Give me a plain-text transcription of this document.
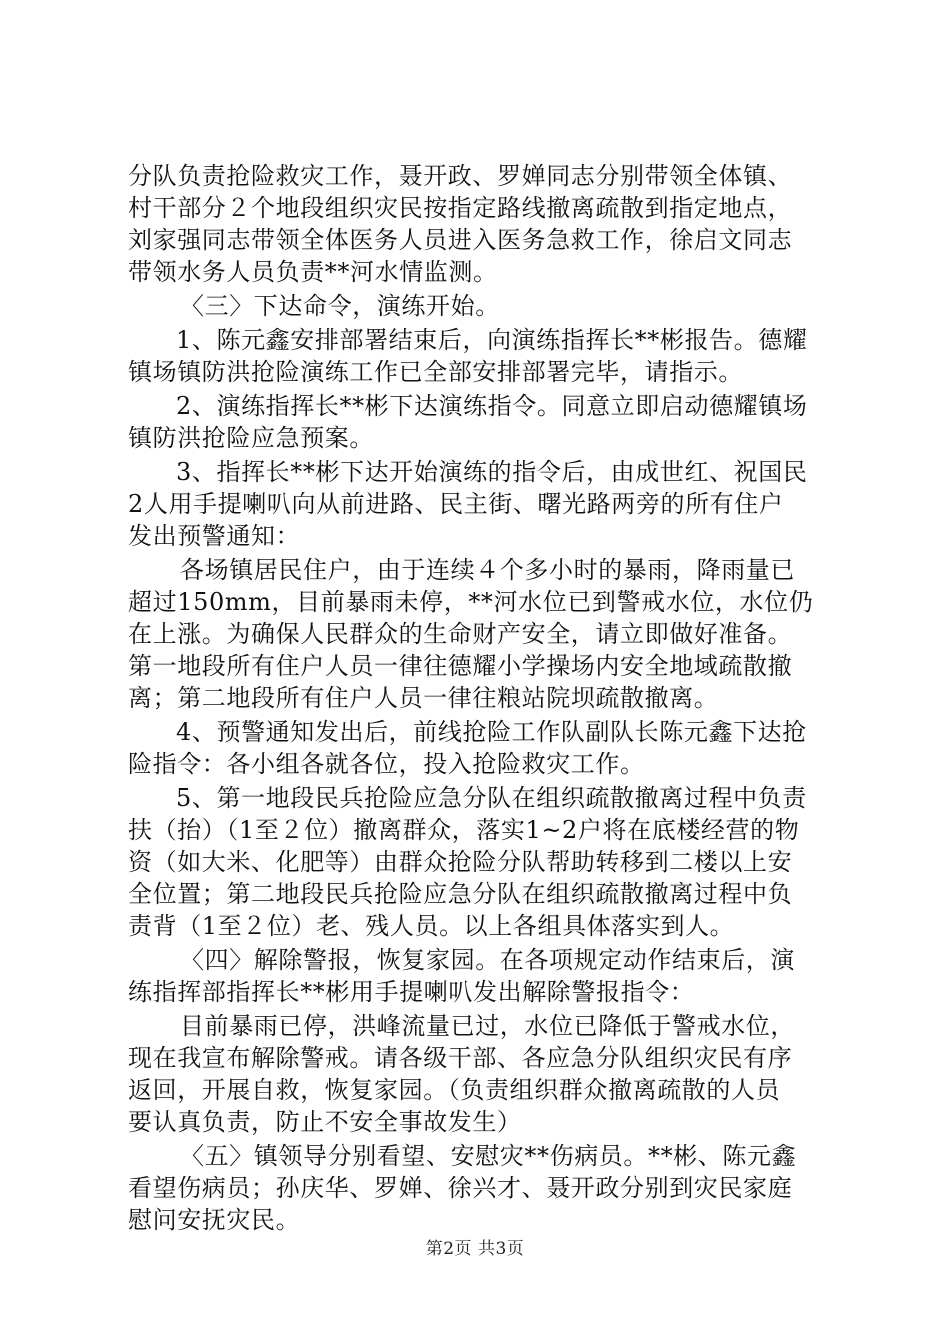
分队负责抢险救灾工作，聂开政、罗婵同志分别带领全体镇、
村干部分２个地段组织灾民按指定路线撤离疏散到指定地点，
刘家强同志带领全体医务人员进入医务急救工作，徐启文同志
带领水务人员负责**河水情监测。
〈三〉下达命令，演练开始。
1、陈元鑫安排部署结束后，向演练指挥长**彬报告。德耀
镇场镇防洪抢险演练工作已全部安排部署完毕，请指示。
2、演练指挥长**彬下达演练指令。同意立即启动德耀镇场
镇防洪抢险应急预案。
3、指挥长**彬下达开始演练的指令后，由成世红、祝国民
2人用手提喇叭向从前进路、民主街、曙光路两旁的所有住户
发出预警通知：
各场镇居民住户，由于连续４个多小时的暴雨，降雨量已
超过150mm，目前暴雨未停，**河水位已到警戒水位，水位仍
在上涨。为确保人民群众的生命财产安全，请立即做好准备。
第一地段所有住户人员一律往德耀小学操场内安全地域疏散撤
离；第二地段所有住户人员一律往粮站院坝疏散撤离。
4、预警通知发出后，前线抢险工作队副队长陈元鑫下达抢
险指令：各小组各就各位，投入抢险救灾工作。
5、第一地段民兵抢险应急分队在组织疏散撤离过程中负责
扶（抬）（1至２位）撤离群众，落实1~2户将在底楼经营的物
资（如大米、化肥等）由群众抢险分队帮助转移到二楼以上安
全位置；第二地段民兵抢险应急分队在组织疏散撤离过程中负
责背（1至２位）老、残人员。以上各组具体落实到人。
〈四〉解除警报，恢复家园。在各项规定动作结束后，演
练指挥部指挥长**彬用手提喇叭发出解除警报指令：
目前暴雨已停，洪峰流量已过，水位已降低于警戒水位，
现在我宣布解除警戒。请各级干部、各应急分队组织灾民有序
返回，开展自救，恢复家园。（负责组织群众撤离疏散的人员
要认真负责，防止不安全事故发生）
〈五〉镇领导分别看望、安慰灾**伤病员。**彬、陈元鑫
看望伤病员；孙庆华、罗婵、徐兴才、聂开政分别到灾民家庭
慰问安抚灾民。
第2页 共3页
